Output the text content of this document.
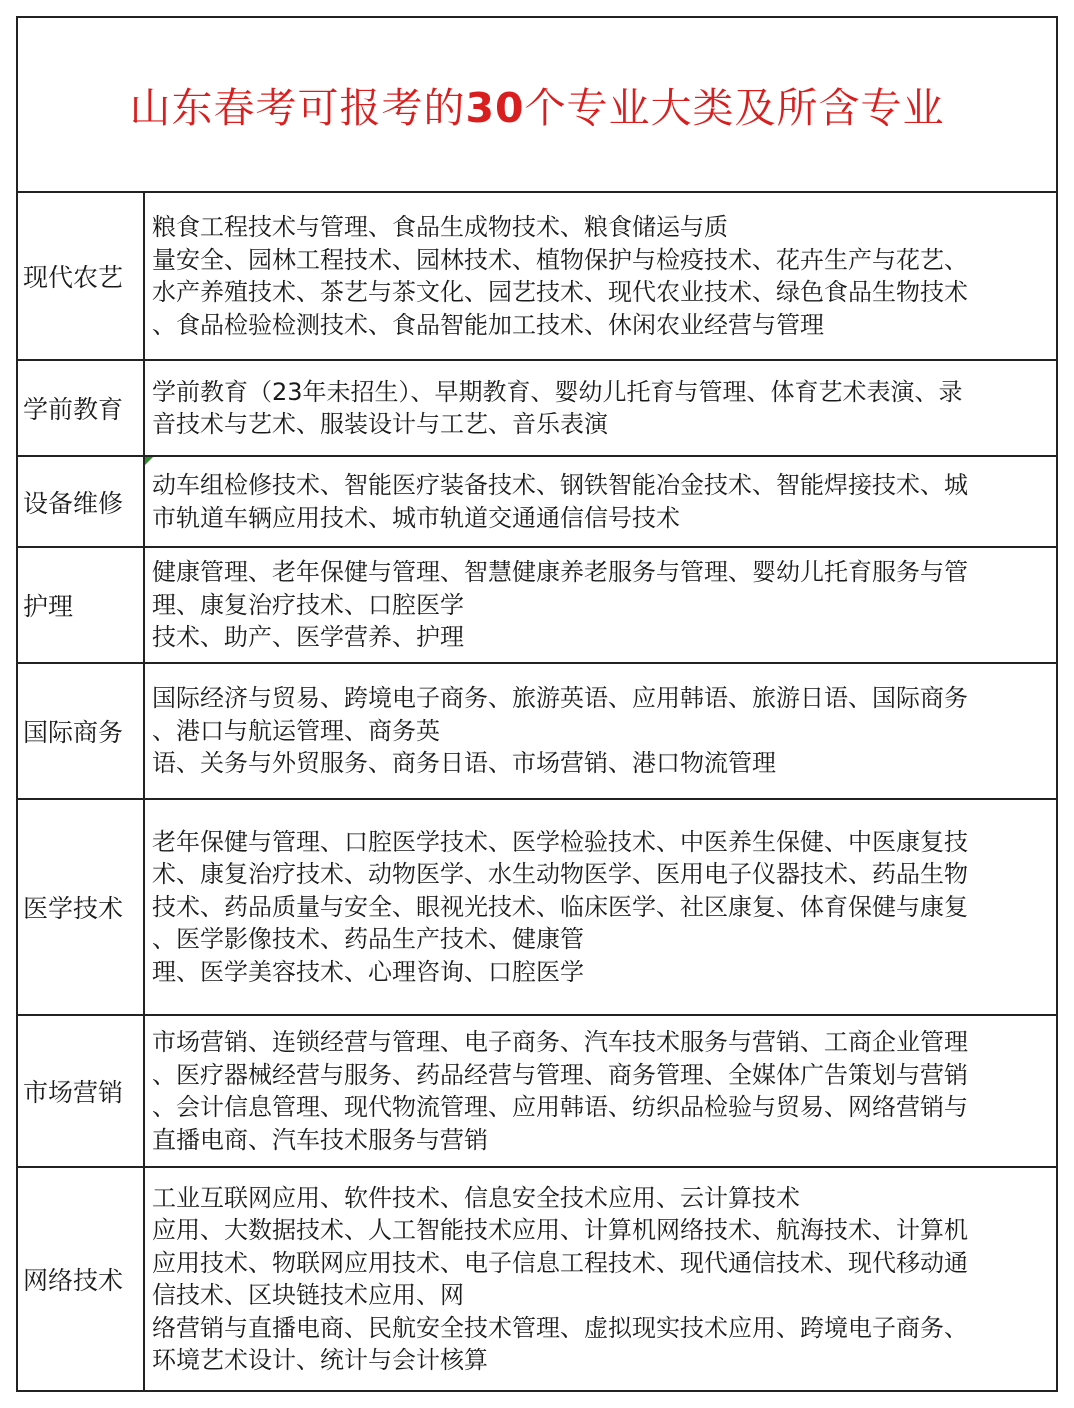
山东春考可报考的30个专业大类及所含专业
现代农艺
粮食工程技术与管理、食品生成物技术、粮食储运与质
量安全、园林工程技术、园林技术、植物保护与检疫技术、花卉生产与花艺、
水产养殖技术、茶艺与茶文化、园艺技术、现代农业技术、绿色食品生物技术
、食品检验检测技术、食品智能加工技术、休闲农业经营与管理
学前教育
学前教育（23年未招生）、早期教育、婴幼儿托育与管理、体育艺术表演、录
音技术与艺术、服装设计与工艺、音乐表演
设备维修
动车组检修技术、智能医疗装备技术、钢铁智能冶金技术、智能焊接技术、城
市轨道车辆应用技术、城市轨道交通通信信号技术
护理
健康管理、老年保健与管理、智慧健康养老服务与管理、婴幼儿托育服务与管
理、康复治疗技术、口腔医学
技术、助产、医学营养、护理
国际商务
国际经济与贸易、跨境电子商务、旅游英语、应用韩语、旅游日语、国际商务
、港口与航运管理、商务英
语、关务与外贸服务、商务日语、市场营销、港口物流管理
医学技术
老年保健与管理、口腔医学技术、医学检验技术、中医养生保健、中医康复技
术、康复治疗技术、动物医学、水生动物医学、医用电子仪器技术、药品生物
技术、药品质量与安全、眼视光技术、临床医学、社区康复、体育保健与康复
、医学影像技术、药品生产技术、健康管
理、医学美容技术、心理咨询、口腔医学
市场营销
市场营销、连锁经营与管理、电子商务、汽车技术服务与营销、工商企业管理
、医疗器械经营与服务、药品经营与管理、商务管理、全媒体广告策划与营销
、会计信息管理、现代物流管理、应用韩语、纺织品检验与贸易、网络营销与
直播电商、汽车技术服务与营销
网络技术
工业互联网应用、软件技术、信息安全技术应用、云计算技术
应用、大数据技术、人工智能技术应用、计算机网络技术、航海技术、计算机
应用技术、物联网应用技术、电子信息工程技术、现代通信技术、现代移动通
信技术、区块链技术应用、网
络营销与直播电商、民航安全技术管理、虚拟现实技术应用、跨境电子商务、
环境艺术设计、统计与会计核算
